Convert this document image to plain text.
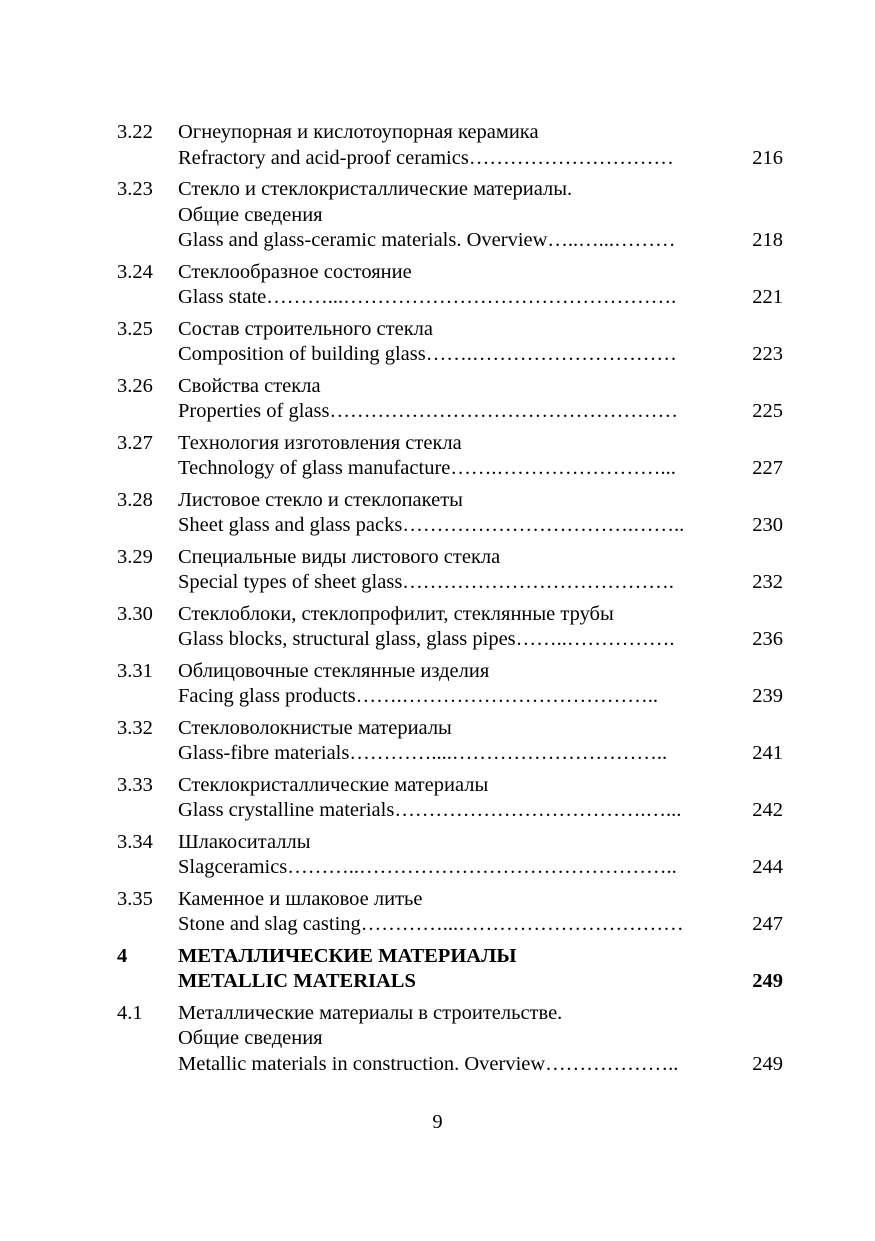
3.22 Огнеупорная и кислотоупорная керамика
Refractory and acid-proof ceramics…………………………	216
3.23 Стекло и стеклокристаллические материалы.
Общие сведения
Glass and glass-ceramic materials. Overview…..…...………	218
3.24 Стеклообразное состояние
Glass state………...………………………………………….	221
3.25 Состав строительного стекла
Composition of building glass…….…………………………	223
3.26 Свойства стекла
Properties of glass……………………………………………	225
3.27 Технология изготовления стекла
Technology of glass manufacture…….……………………...	227
3.28 Листовое стекло и стеклопакеты
Sheet glass and glass packs…………………………….……..	230
3.29 Специальные виды листового стекла
Special types of sheet glass………………………………….	232
3.30 Стеклоблоки, стеклопрофилит, стеклянные трубы
Glass blocks, structural glass, glass pipes……..…………….	236
3.31 Облицовочные стеклянные изделия
Facing glass products…….………………………………..	239
3.32 Стекловолокнистые материалы
Glass-fibre materials…………....…………………………..	241
3.33 Стеклокристаллические материалы
Glass crystalline materials……………………………….…...	242
3.34 Шлакоситаллы
Slagceramics………..………………………………………..	244
3.35 Каменное и шлаковое литье
Stone and slag casting…………...……………………………	247
4 МЕТАЛЛИЧЕСКИЕ МАТЕРИАЛЫ
METALLIC MATERIALS	249
4.1 Металлические материалы в строительстве.
Общие сведения
Metallic materials in construction. Overview………………..	249
9
